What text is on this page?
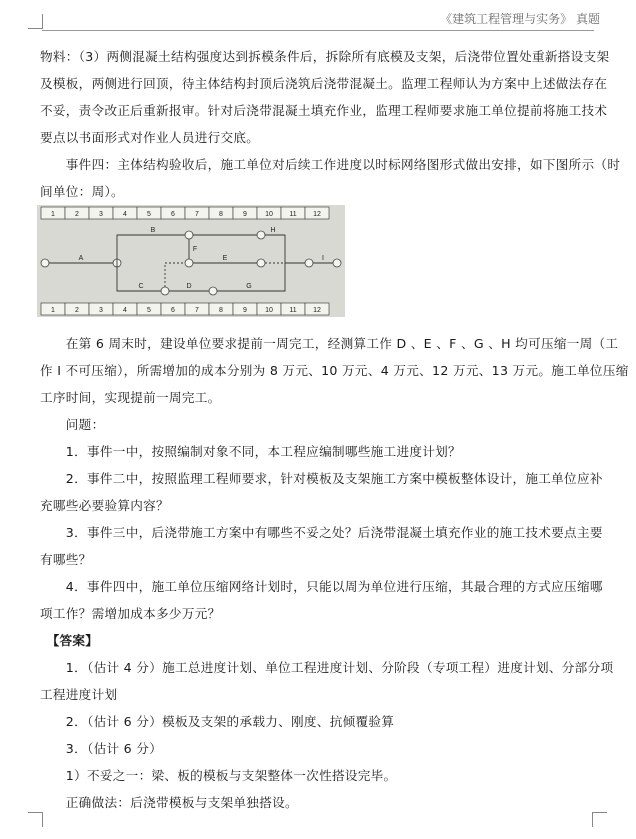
《建筑工程管理与实务》 真题

物料：（3）两侧混凝土结构强度达到拆模条件后，拆除所有底模及支架，后浇带位置处重新搭设支架

及模板，两侧进行回顶，待主体结构封顶后浇筑后浇带混凝土。监理工程师认为方案中上述做法存在

不妥，责令改正后重新报审。针对后浇带混凝土填充作业，监理工程师要求施工单位提前将施工技术

要点以书面形式对作业人员进行交底。

　　事件四：主体结构验收后，施工单位对后续工作进度以时标网络图形式做出安排，如下图所示（时

间单位：周）。

1	2	3	4	5	6	7	8	9	10 11 12
1	2	3	4	5	6	7	8	9	10 11 12
A
B
C	D
E
F
G
H
I

　　在第 6 周末时，建设单位要求提前一周完工，经测算工作 D 、E 、F 、G 、H 均可压缩一周（工

作 I 不可压缩），所需增加的成本分别为 8 万元、10 万元、4 万元、12 万元、13 万元。施工单位压缩

工序时间，实现提前一周完工。

　　问题：

　　1．事件一中，按照编制对象不同，本工程应编制哪些施工进度计划？

　　2．事件二中，按照监理工程师要求，针对模板及支架施工方案中模板整体设计，施工单位应补

充哪些必要验算内容？

　　3．事件三中，后浇带施工方案中有哪些不妥之处？后浇带混凝土填充作业的施工技术要点主要

有哪些？

　　4．事件四中，施工单位压缩网络计划时，只能以周为单位进行压缩，其最合理的方式应压缩哪

项工作？需增加成本多少万元？

　【答案】

　　1．（估计 4 分）施工总进度计划、单位工程进度计划、分阶段（专项工程）进度计划、分部分项

工程进度计划

　　2．（估计 6 分）模板及支架的承载力、刚度、抗倾覆验算

　　3．（估计 6 分）

　　1）不妥之一：梁、板的模板与支架整体一次性搭设完毕。

　　正确做法：后浇带模板与支架单独搭设。
